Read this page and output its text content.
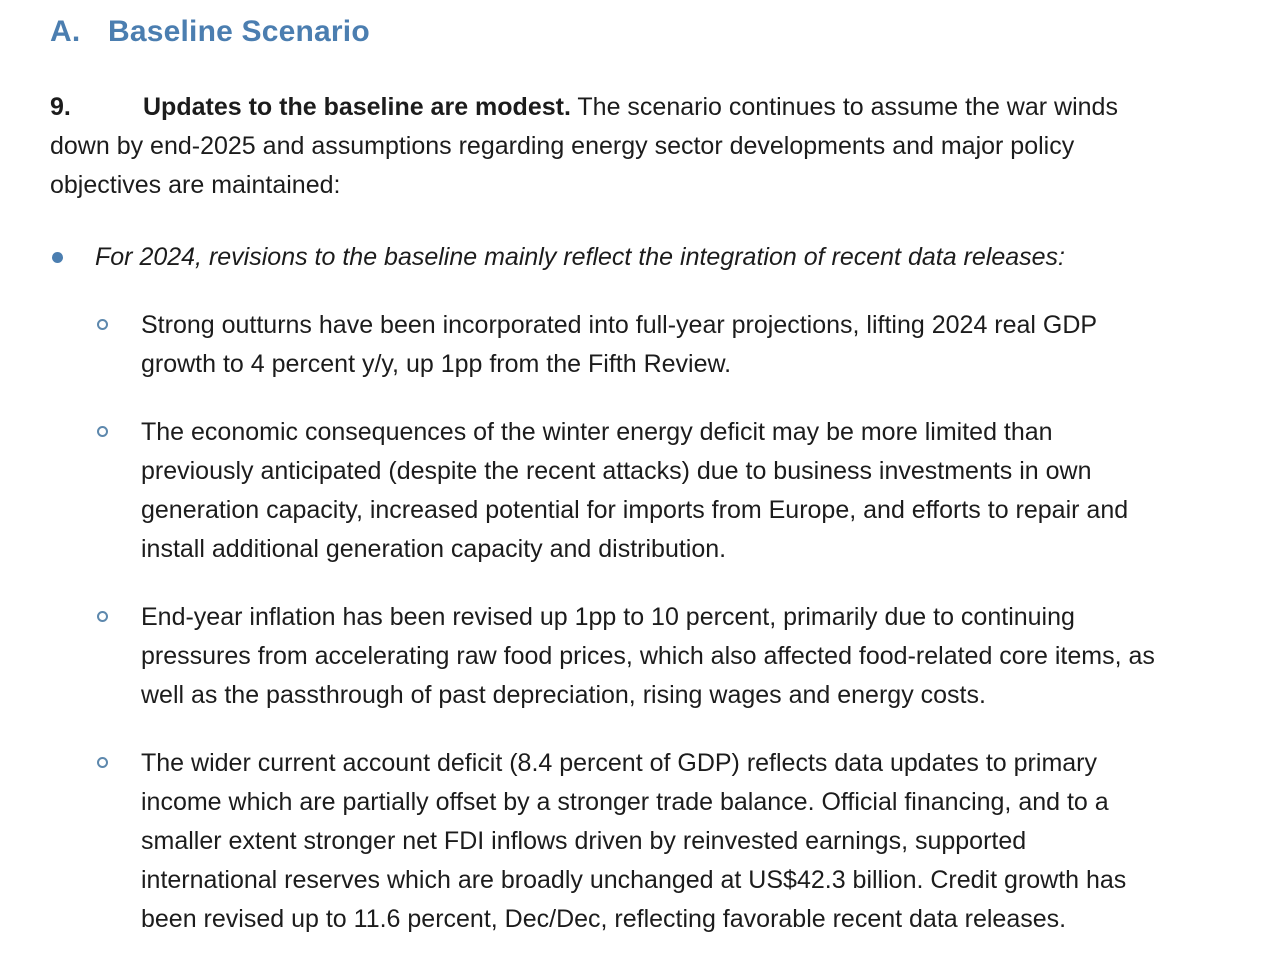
A. Baseline Scenario

9.	Updates to the baseline are modest. The scenario continues to assume the war winds
down by end-2025 and assumptions regarding energy sector developments and major policy
objectives are maintained:

For 2024, revisions to the baseline mainly reflect the integration of recent data releases:
Strong outturns have been incorporated into full-year projections, lifting 2024 real GDP
growth to 4 percent y/y, up 1pp from the Fifth Review.
The economic consequences of the winter energy deficit may be more limited than
previously anticipated (despite the recent attacks) due to business investments in own
generation capacity, increased potential for imports from Europe, and efforts to repair and
install additional generation capacity and distribution.
End-year inflation has been revised up 1pp to 10 percent, primarily due to continuing
pressures from accelerating raw food prices, which also affected food-related core items, as
well as the passthrough of past depreciation, rising wages and energy costs.
The wider current account deficit (8.4 percent of GDP) reflects data updates to primary
income which are partially offset by a stronger trade balance. Official financing, and to a
smaller extent stronger net FDI inflows driven by reinvested earnings, supported
international reserves which are broadly unchanged at US$42.3 billion. Credit growth has
been revised up to 11.6 percent, Dec/Dec, reflecting favorable recent data releases.
